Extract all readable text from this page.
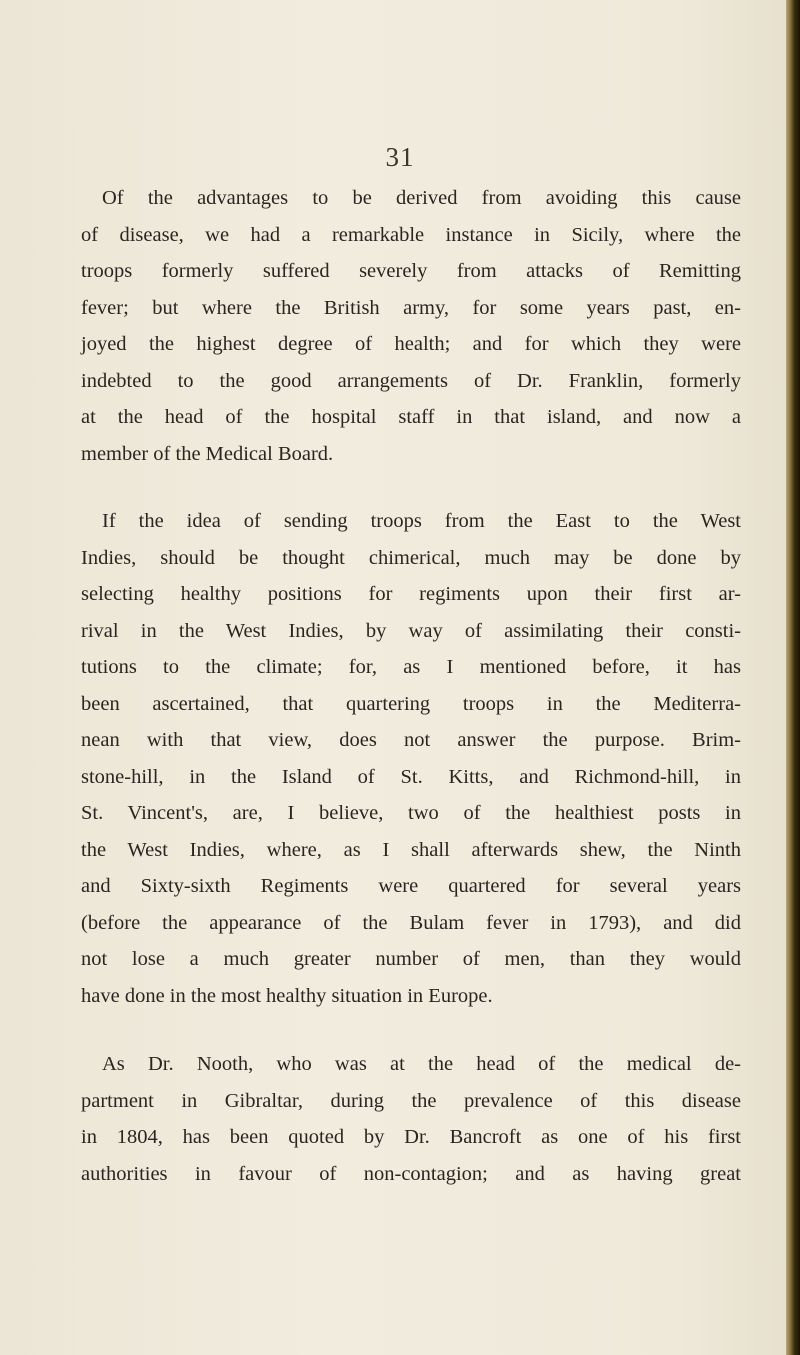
31
Of the advantages to be derived from avoiding this cause
of disease, we had a remarkable instance in Sicily, where the
troops formerly suffered severely from attacks of Remitting
fever; but where the British army, for some years past, en-
joyed the highest degree of health; and for which they were
indebted to the good arrangements of Dr. Franklin, formerly
at the head of the hospital staff in that island, and now a
member of the Medical Board.
If the idea of sending troops from the East to the West
Indies, should be thought chimerical, much may be done by
selecting healthy positions for regiments upon their first ar-
rival in the West Indies, by way of assimilating their consti-
tutions to the climate; for, as I mentioned before, it has
been ascertained, that quartering troops in the Mediterra-
nean with that view, does not answer the purpose. Brim-
stone-hill, in the Island of St. Kitts, and Richmond-hill, in
St. Vincent's, are, I believe, two of the healthiest posts in
the West Indies, where, as I shall afterwards shew, the Ninth
and Sixty-sixth Regiments were quartered for several years
(before the appearance of the Bulam fever in 1793), and did
not lose a much greater number of men, than they would
have done in the most healthy situation in Europe.
As Dr. Nooth, who was at the head of the medical de-
partment in Gibraltar, during the prevalence of this disease
in 1804, has been quoted by Dr. Bancroft as one of his first
authorities in favour of non-contagion; and as having great
